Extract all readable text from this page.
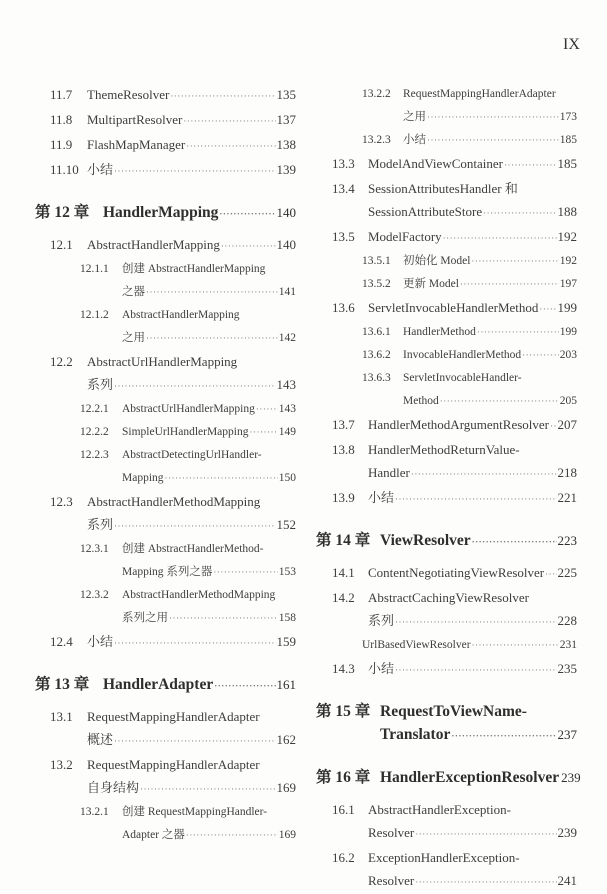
IX
11.7 ThemeResolver ·····	135
11.8 MultipartResolver ·····	137
11.9 FlashMapManager ·····	138
11.10 小结 ·····	139
第 12 章 HandlerMapping ·····	140
12.1 AbstractHandlerMapping ·····	140
12.1.1 创建 AbstractHandlerMapping
之器 ·····	141
12.1.2 AbstractHandlerMapping
之用 ·····	142
12.2 AbstractUrlHandlerMapping
系列 ·····	143
12.2.1 AbstractUrlHandlerMapping ····· 143
12.2.2 SimpleUrlHandlerMapping ·····	149
12.2.3 AbstractDetectingUrlHandler-
Mapping ·····	150
12.3 AbstractHandlerMethodMapping
系列 ·····	152
12.3.1 创建 AbstractHandlerMethod-
Mapping 系列之器 ·····	153
12.3.2 AbstractHandlerMethodMapping
系列之用 ·····	158
12.4 小结 ·····	159
第 13 章 HandlerAdapter ·····	161
13.1 RequestMappingHandlerAdapter
概述 ·····	162
13.2 RequestMappingHandlerAdapter
自身结构 ·····	169
13.2.1 创建 RequestMappingHandler-
Adapter 之器 ·····	169
13.2.2 RequestMappingHandlerAdapter
之用 ·····	173
13.2.3 小结 ·····	185
13.3 ModelAndViewContainer ·····	185
13.4 SessionAttributesHandler 和
SessionAttributeStore ·····	188
13.5 ModelFactory ·····	192
13.5.1 初始化 Model ·····	192
13.5.2 更新 Model ·····	197
13.6 ServletInvocableHandlerMethod ····· 199
13.6.1 HandlerMethod ·····	199
13.6.2 InvocableHandlerMethod ·····	203
13.6.3 ServletInvocableHandler-
Method ·····	205
13.7 HandlerMethodArgumentResolver ····· 207
13.8 HandlerMethodReturnValue-
Handler ·····	218
13.9 小结 ·····	221
第 14 章 ViewResolver ·····	223
14.1 ContentNegotiatingViewResolver ····· 225
14.2 AbstractCachingViewResolver
系列 ·····	228
UrlBasedViewResolver ·····	231
14.3 小结 ·····	235
第 15 章 RequestToViewName-
Translator ·····	237
第 16 章 HandlerExceptionResolver 239
16.1 AbstractHandlerException-
Resolver ·····	239
16.2 ExceptionHandlerException-
Resolver ·····	241
